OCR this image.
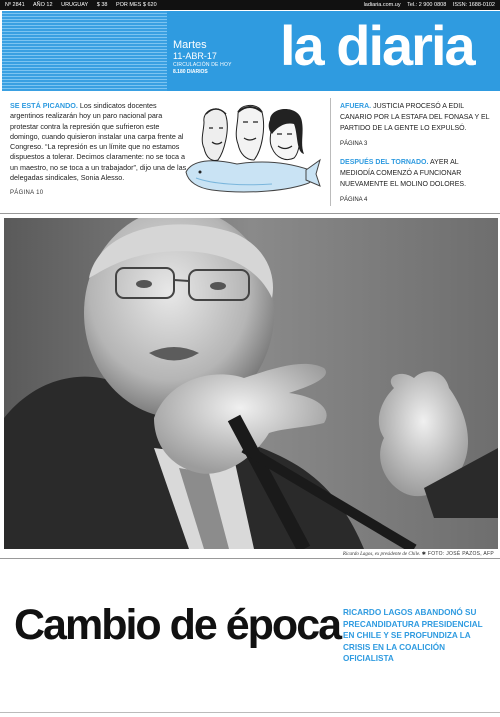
Nº 2841 AÑO 12 URUGUAY $ 38 POR MES $ 620	ladiaria.com.uy Tel.: 2 900 0808 ISSN: 1688-0102
Martes
11-ABR-17
CIRCULACIÓN DE HOY
8.180 DIARIOS	la diaria
SE ESTÁ PICANDO. Los sindicatos docentes argentinos realizarán hoy un paro nacional para protestar contra la represión que sufrieron este domingo, cuando quisieron instalar una carpa frente al Congreso. “La represión es un límite que no estamos dispuestos a tolerar. Decimos claramente: no se toca a un maestro, no se toca a un trabajador”, dijo una de las delegadas sindicales, Sonia Alesso.
PÁGINA 10
AFUERA. JUSTICIA PROCESÓ A EDIL CANARIO POR LA ESTAFA DEL FONASA Y EL PARTIDO DE LA GENTE LO EXPULSÓ.
PÁGINA 3
DESPUÉS DEL TORNADO. AYER AL MEDIODÍA COMENZÓ A FUNCIONAR NUEVAMENTE EL MOLINO DOLORES.
PÁGINA 4
Ricardo Lagos, ex presidente de Chile. ✱ FOTO: JOSÉ PAZOS, AFP
Cambio de época RICARDO LAGOS ABANDONÓ SU PRECANDIDATURA PRESIDENCIAL EN CHILE Y SE PROFUNDIZA LA CRISIS EN LA COALICIÓN OFICIALISTA
